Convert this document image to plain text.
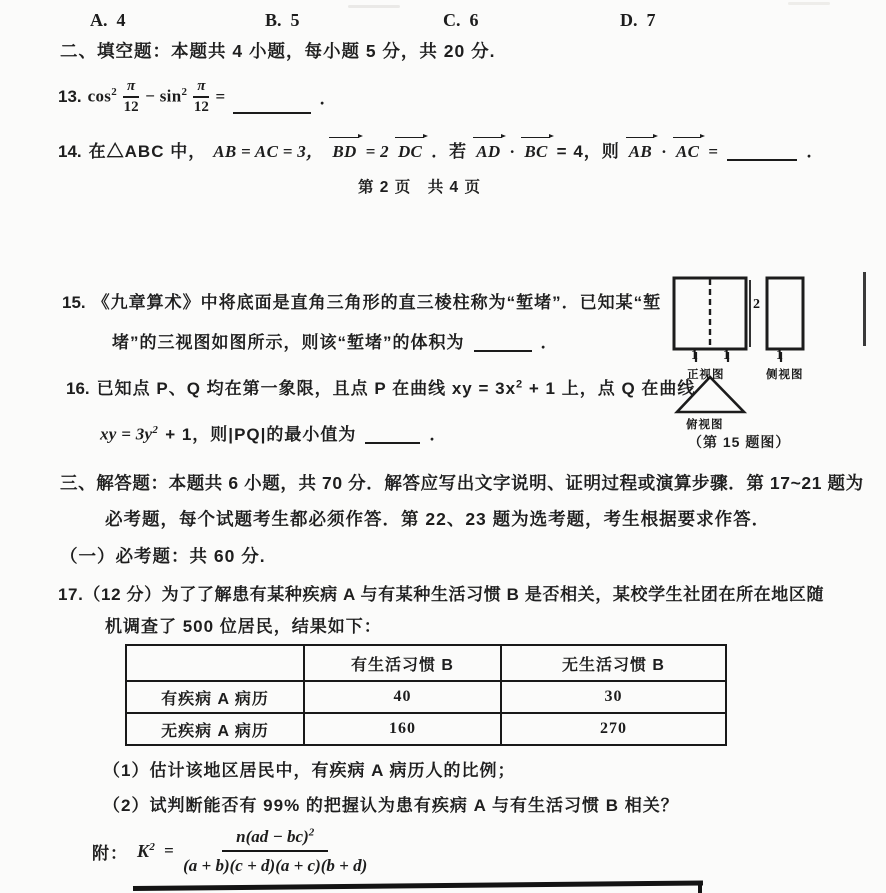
A. 4	B. 5	C. 6	D. 7
二、填空题：本题共 4 小题，每小题 5 分，共 20 分.
13. $\cos^2 \frac{\pi}{12} - \sin^2 \frac{\pi}{12}$ =	．
14. 在△ABC 中， AB = AC = 3， BD = 2 DC ．若 AD · BC = 4，则 AB · AC =	．
第 2 页　共 4 页
15. 《九章算术》中将底面是直角三角形的直三棱柱称为“堑堵”．已知某“堑
堵”的三视图如图所示，则该“堑堵”的体积为	．
2
1 1	1
正视图	侧视图
俯视图
（第 15 题图）
16. 已知点 P、Q 均在第一象限，且点 P 在曲线 xy = $3x^2 + 1$ 上，点 Q 在曲线
xy = $3y^2 + 1$，则|PQ|的最小值为	．
三、解答题：本题共 6 小题，共 70 分．解答应写出文字说明、证明过程或演算步骤．第 17~21 题为
必考题，每个试题考生都必须作答．第 22、23 题为选考题，考生根据要求作答．
（一）必考题：共 60 分.
17.（12 分）为了了解患有某种疾病 A 与有某种生活习惯 B 是否相关，某校学生社团在所在地区随
机调查了 500 位居民，结果如下：
	有生活习惯 B	无生活习惯 B
有疾病 A 病历	40	30
无疾病 A 病历	160	270
（1）估计该地区居民中，有疾病 A 病历人的比例；
（2）试判断能否有 99% 的把握认为患有疾病 A 与有生活习惯 B 相关？
附： $K^2 = \frac{n(ad - bc)^2}{(a + b)(c + d)(a + c)(b + d)}$
